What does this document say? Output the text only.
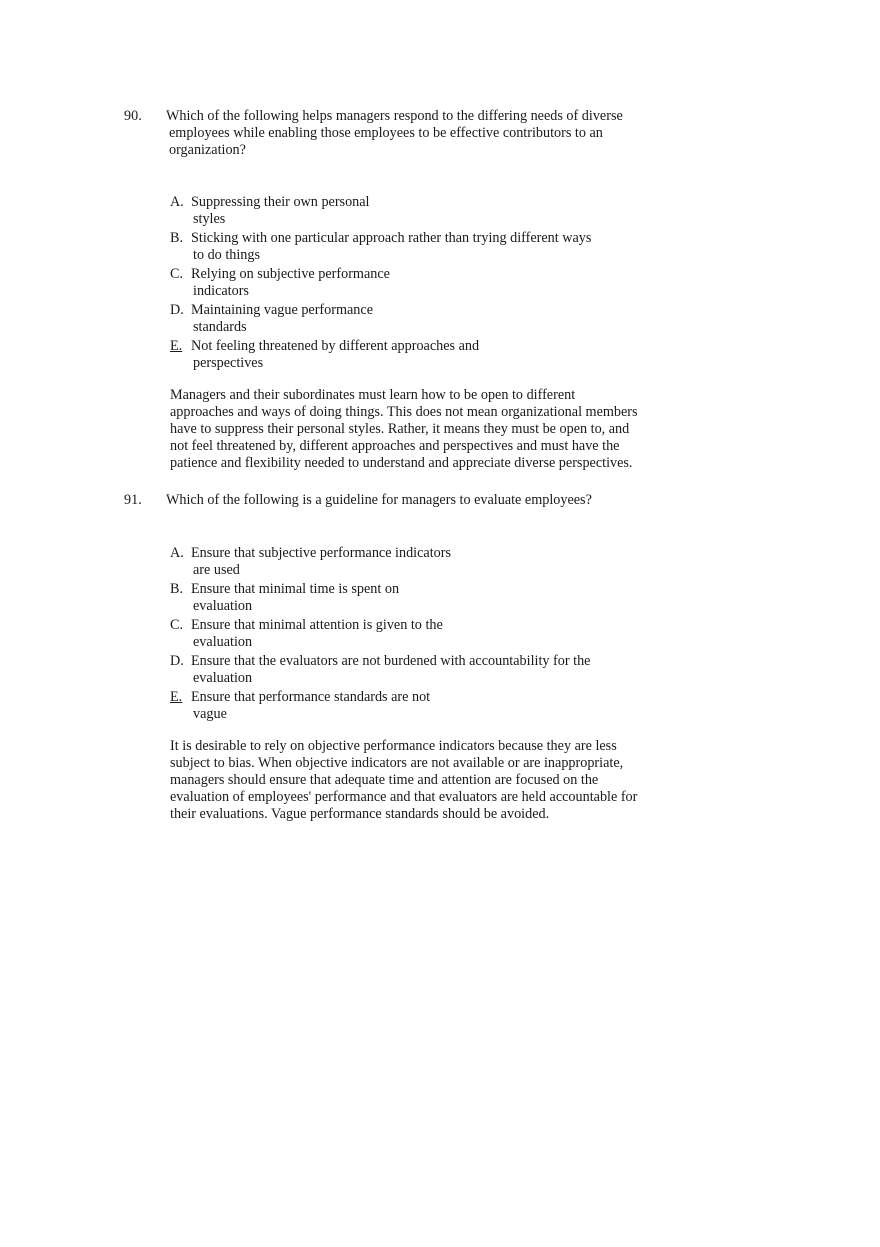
90. Which of the following helps managers respond to the differing needs of diverse
employees while enabling those employees to be effective contributors to an
organization?
A. Suppressing their own personal
styles
B. Sticking with one particular approach rather than trying different ways
to do things
C. Relying on subjective performance
indicators
D. Maintaining vague performance
standards
E. Not feeling threatened by different approaches and
perspectives

Managers and their subordinates must learn how to be open to different

approaches and ways of doing things. This does not mean organizational members

have to suppress their personal styles. Rather, it means they must be open to, and

not feel threatened by, different approaches and perspectives and must have the

patience and flexibility needed to understand and appreciate diverse perspectives.

91. Which of the following is a guideline for managers to evaluate employees?
A. Ensure that subjective performance indicators
are used
B. Ensure that minimal time is spent on
evaluation
C. Ensure that minimal attention is given to the
evaluation
D. Ensure that the evaluators are not burdened with accountability for the
evaluation
E. Ensure that performance standards are not
vague

It is desirable to rely on objective performance indicators because they are less

subject to bias. When objective indicators are not available or are inappropriate,

managers should ensure that adequate time and attention are focused on the

evaluation of employees' performance and that evaluators are held accountable for

their evaluations. Vague performance standards should be avoided.
